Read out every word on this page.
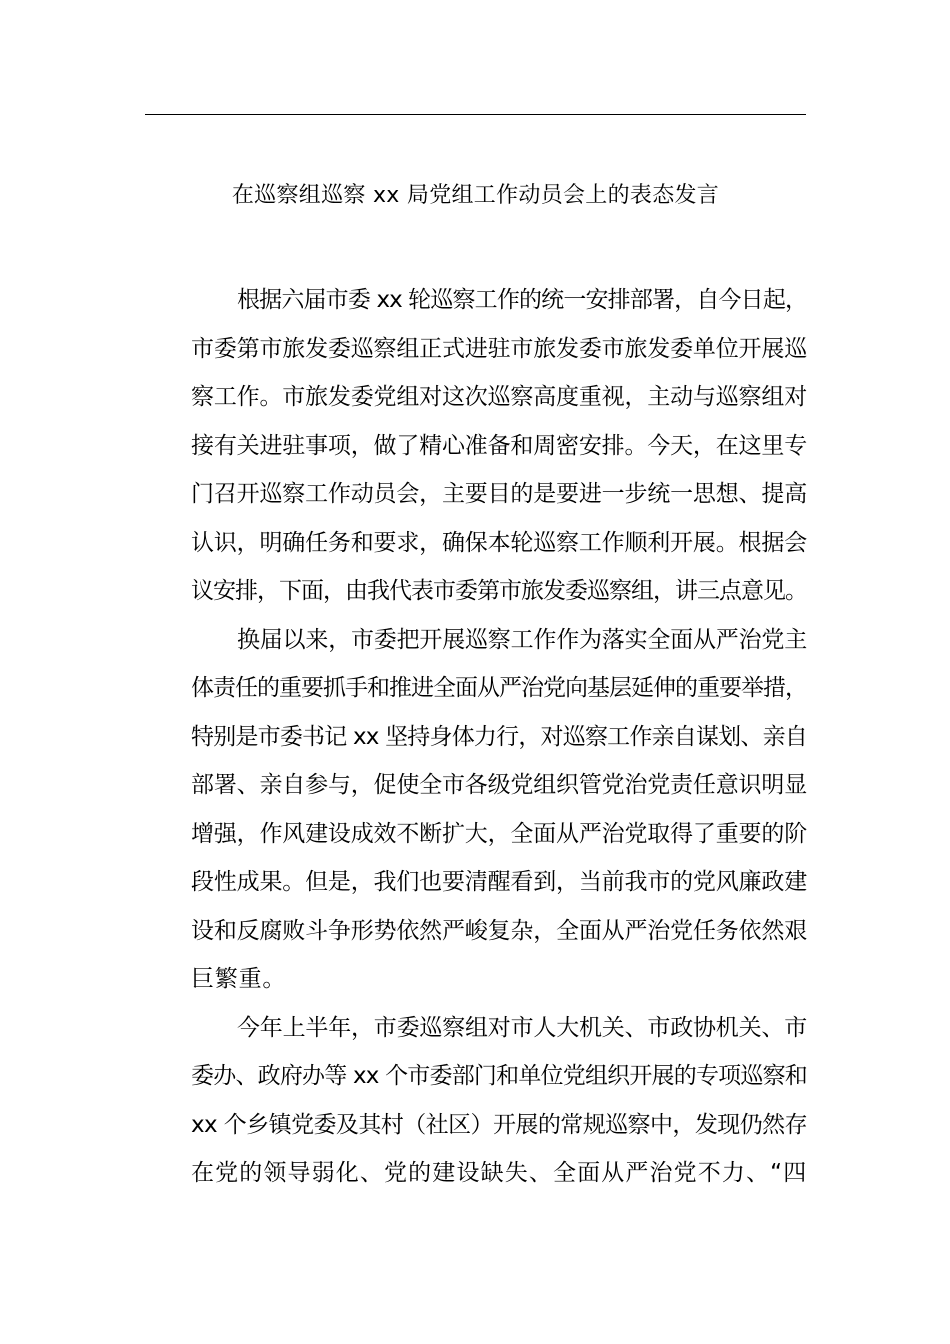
在巡察组巡察 xx 局党组工作动员会上的表态发言
根据六届市委 xx 轮巡察工作的统一安排部署，自今日起，
市委第市旅发委巡察组正式进驻市旅发委市旅发委单位开展巡
察工作。市旅发委党组对这次巡察高度重视，主动与巡察组对
接有关进驻事项，做了精心准备和周密安排。今天，在这里专
门召开巡察工作动员会，主要目的是要进一步统一思想、提高
认识，明确任务和要求，确保本轮巡察工作顺利开展。根据会
议安排，下面，由我代表市委第市旅发委巡察组，讲三点意见。
换届以来，市委把开展巡察工作作为落实全面从严治党主
体责任的重要抓手和推进全面从严治党向基层延伸的重要举措，
特别是市委书记 xx 坚持身体力行，对巡察工作亲自谋划、亲自
部署、亲自参与，促使全市各级党组织管党治党责任意识明显
增强，作风建设成效不断扩大，全面从严治党取得了重要的阶
段性成果。但是，我们也要清醒看到，当前我市的党风廉政建
设和反腐败斗争形势依然严峻复杂，全面从严治党任务依然艰
巨繁重。
今年上半年，市委巡察组对市人大机关、市政协机关、市
委办、政府办等 xx 个市委部门和单位党组织开展的专项巡察和
xx 个乡镇党委及其村（社区）开展的常规巡察中，发现仍然存
在党的领导弱化、党的建设缺失、全面从严治党不力、“四
